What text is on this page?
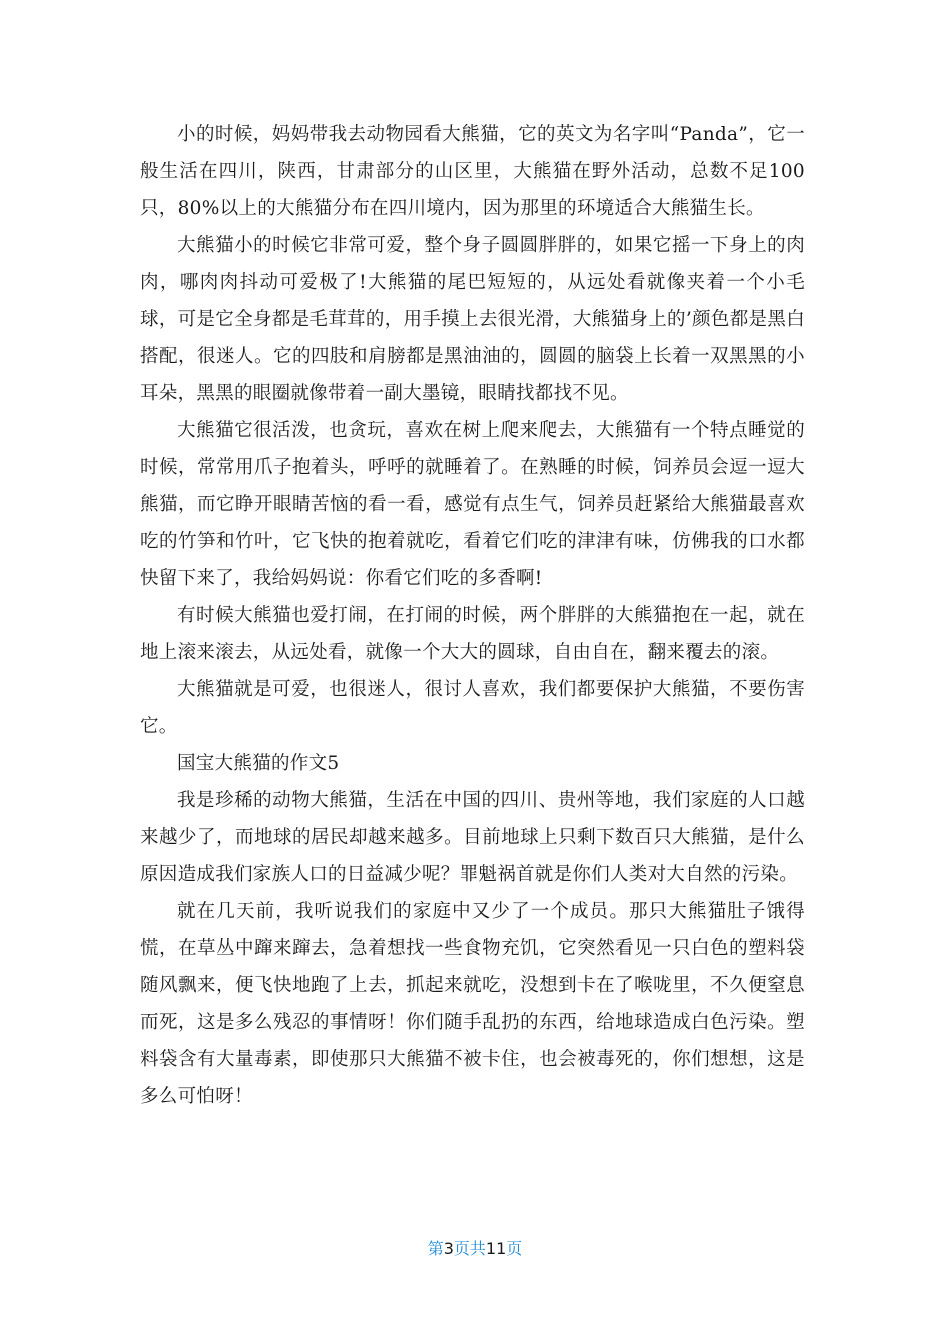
小的时候，妈妈带我去动物园看大熊猫，它的英文为名字叫“Panda”，它一般生活在四川，陕西，甘肃部分的山区里，大熊猫在野外活动，总数不足100只，80%以上的大熊猫分布在四川境内，因为那里的环境适合大熊猫生长。

大熊猫小的时候它非常可爱，整个身子圆圆胖胖的，如果它摇一下身上的肉肉，哪肉肉抖动可爱极了!大熊猫的尾巴短短的，从远处看就像夹着一个小毛球，可是它全身都是毛茸茸的，用手摸上去很光滑，大熊猫身上的’颜色都是黑白搭配，很迷人。它的四肢和肩膀都是黑油油的，圆圆的脑袋上长着一双黑黑的小耳朵，黑黑的眼圈就像带着一副大墨镜，眼睛找都找不见。

大熊猫它很活泼，也贪玩，喜欢在树上爬来爬去，大熊猫有一个特点睡觉的时候，常常用爪子抱着头，呼呼的就睡着了。在熟睡的时候，饲养员会逗一逗大熊猫，而它睁开眼睛苦恼的看一看，感觉有点生气，饲养员赶紧给大熊猫最喜欢吃的竹笋和竹叶，它飞快的抱着就吃，看着它们吃的津津有味，仿佛我的口水都快留下来了，我给妈妈说：你看它们吃的多香啊!

有时候大熊猫也爱打闹，在打闹的时候，两个胖胖的大熊猫抱在一起，就在地上滚来滚去，从远处看，就像一个大大的圆球，自由自在，翻来覆去的滚。

大熊猫就是可爱，也很迷人，很讨人喜欢，我们都要保护大熊猫，不要伤害它。

国宝大熊猫的作文5

我是珍稀的动物大熊猫，生活在中国的四川、贵州等地，我们家庭的人口越来越少了，而地球的居民却越来越多。目前地球上只剩下数百只大熊猫，是什么原因造成我们家族人口的日益减少呢？罪魁祸首就是你们人类对大自然的污染。

就在几天前，我听说我们的家庭中又少了一个成员。那只大熊猫肚子饿得慌，在草丛中蹿来蹿去，急着想找一些食物充饥，它突然看见一只白色的塑料袋随风飘来，便飞快地跑了上去，抓起来就吃，没想到卡在了喉咙里，不久便窒息而死，这是多么残忍的事情呀！你们随手乱扔的东西，给地球造成白色污染。塑料袋含有大量毒素，即使那只大熊猫不被卡住，也会被毒死的，你们想想，这是多么可怕呀！

第3页共11页
